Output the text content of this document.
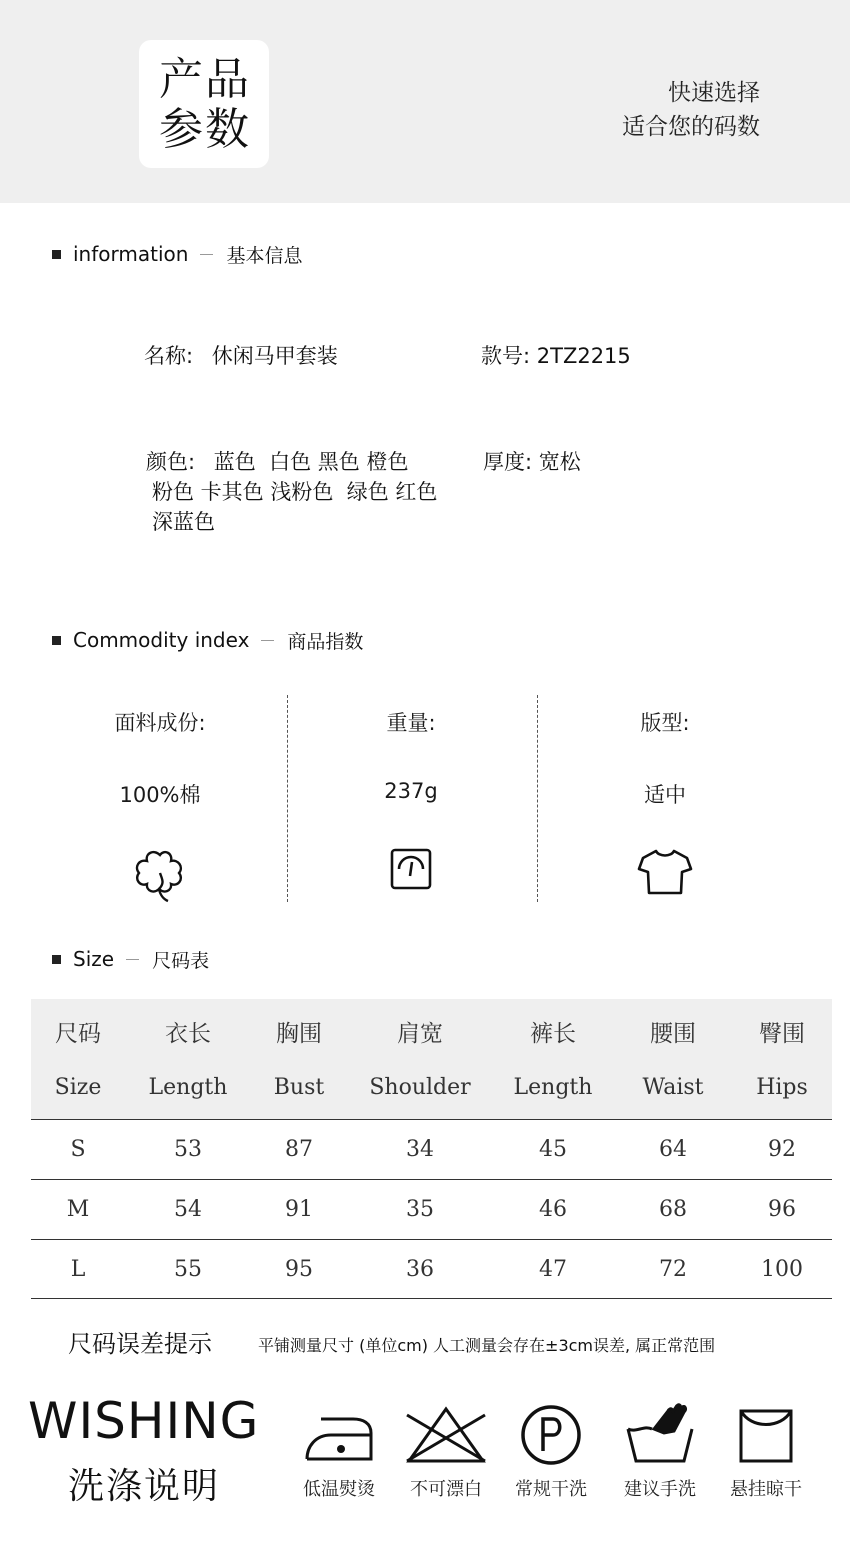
产品
参数
快速选择
适合您的码数
information 基本信息
名称: 休闲马甲套装	款号: 2TZ2215
颜色: 蓝色  白色 黑色 橙色
粉色 卡其色 浅粉色  绿色 红色
深蓝色
厚度: 宽松
Commodity index 商品指数
面料成份:
100%棉
重量:
237g
版型:
适中
Size 尺码表
尺码	衣长	胸围	肩宽	裤长	腰围	臀围
Size Length Bust Shoulder Length Waist Hips
S	53	87	34	45	64	92
M	54	91	35	46	68	96
L	55	95	36	47	72	100
尺码误差提示	平铺测量尺寸 (单位cm) 人工测量会存在±3cm误差, 属正常范围
WISHING
洗涤说明	低温熨烫 不可漂白 常规干洗 建议手洗 悬挂晾干
